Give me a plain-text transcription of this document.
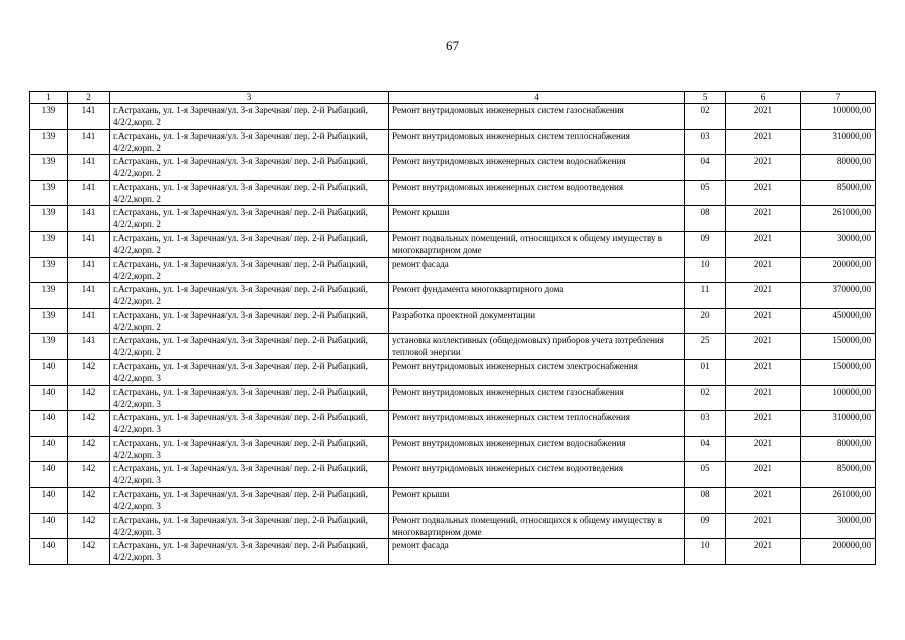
67
1	2	3	4	5	6	7
139	141	г.Астрахань, ул. 1-я Заречная/ул. 3-я Заречная/ пер. 2-й Рыбацкий, 4/2/2,корп. 2	Ремонт внутридомовых инженерных систем газоснабжения	02	2021	100000,00
139	141	г.Астрахань, ул. 1-я Заречная/ул. 3-я Заречная/ пер. 2-й Рыбацкий, 4/2/2,корп. 2	Ремонт внутридомовых инженерных систем теплоснабжения	03	2021	310000,00
139	141	г.Астрахань, ул. 1-я Заречная/ул. 3-я Заречная/ пер. 2-й Рыбацкий, 4/2/2,корп. 2	Ремонт внутридомовых инженерных систем водоснабжения	04	2021	80000,00
139	141	г.Астрахань, ул. 1-я Заречная/ул. 3-я Заречная/ пер. 2-й Рыбацкий, 4/2/2,корп. 2	Ремонт внутридомовых инженерных систем водоотведения	05	2021	85000,00
139	141	г.Астрахань, ул. 1-я Заречная/ул. 3-я Заречная/ пер. 2-й Рыбацкий, 4/2/2,корп. 2	Ремонт крыши	08	2021	261000,00
139	141	г.Астрахань, ул. 1-я Заречная/ул. 3-я Заречная/ пер. 2-й Рыбацкий, 4/2/2,корп. 2	Ремонт подвальных помещений, относящихся к общему имуществу в многоквартирном доме	09	2021	30000,00
139	141	г.Астрахань, ул. 1-я Заречная/ул. 3-я Заречная/ пер. 2-й Рыбацкий, 4/2/2,корп. 2	ремонт фасада	10	2021	200000,00
139	141	г.Астрахань, ул. 1-я Заречная/ул. 3-я Заречная/ пер. 2-й Рыбацкий, 4/2/2,корп. 2	Ремонт фундамента многоквартирного дома	11	2021	370000,00
139	141	г.Астрахань, ул. 1-я Заречная/ул. 3-я Заречная/ пер. 2-й Рыбацкий, 4/2/2,корп. 2	Разработка проектной документации	20	2021	450000,00
139	141	г.Астрахань, ул. 1-я Заречная/ул. 3-я Заречная/ пер. 2-й Рыбацкий, 4/2/2,корп. 2	установка коллективных (общедомовых) приборов учета потребления тепловой энергии	25	2021	150000,00
140	142	г.Астрахань, ул. 1-я Заречная/ул. 3-я Заречная/ пер. 2-й Рыбацкий, 4/2/2,корп. 3	Ремонт внутридомовых инженерных систем электроснабжения	01	2021	150000,00
140	142	г.Астрахань, ул. 1-я Заречная/ул. 3-я Заречная/ пер. 2-й Рыбацкий, 4/2/2,корп. 3	Ремонт внутридомовых инженерных систем газоснабжения	02	2021	100000,00
140	142	г.Астрахань, ул. 1-я Заречная/ул. 3-я Заречная/ пер. 2-й Рыбацкий, 4/2/2,корп. 3	Ремонт внутридомовых инженерных систем теплоснабжения	03	2021	310000,00
140	142	г.Астрахань, ул. 1-я Заречная/ул. 3-я Заречная/ пер. 2-й Рыбацкий, 4/2/2,корп. 3	Ремонт внутридомовых инженерных систем водоснабжения	04	2021	80000,00
140	142	г.Астрахань, ул. 1-я Заречная/ул. 3-я Заречная/ пер. 2-й Рыбацкий, 4/2/2,корп. 3	Ремонт внутридомовых инженерных систем водоотведения	05	2021	85000,00
140	142	г.Астрахань, ул. 1-я Заречная/ул. 3-я Заречная/ пер. 2-й Рыбацкий, 4/2/2,корп. 3	Ремонт крыши	08	2021	261000,00
140	142	г.Астрахань, ул. 1-я Заречная/ул. 3-я Заречная/ пер. 2-й Рыбацкий, 4/2/2,корп. 3	Ремонт подвальных помещений, относящихся к общему имуществу в многоквартирном доме	09	2021	30000,00
140	142	г.Астрахань, ул. 1-я Заречная/ул. 3-я Заречная/ пер. 2-й Рыбацкий, 4/2/2,корп. 3	ремонт фасада	10	2021	200000,00
